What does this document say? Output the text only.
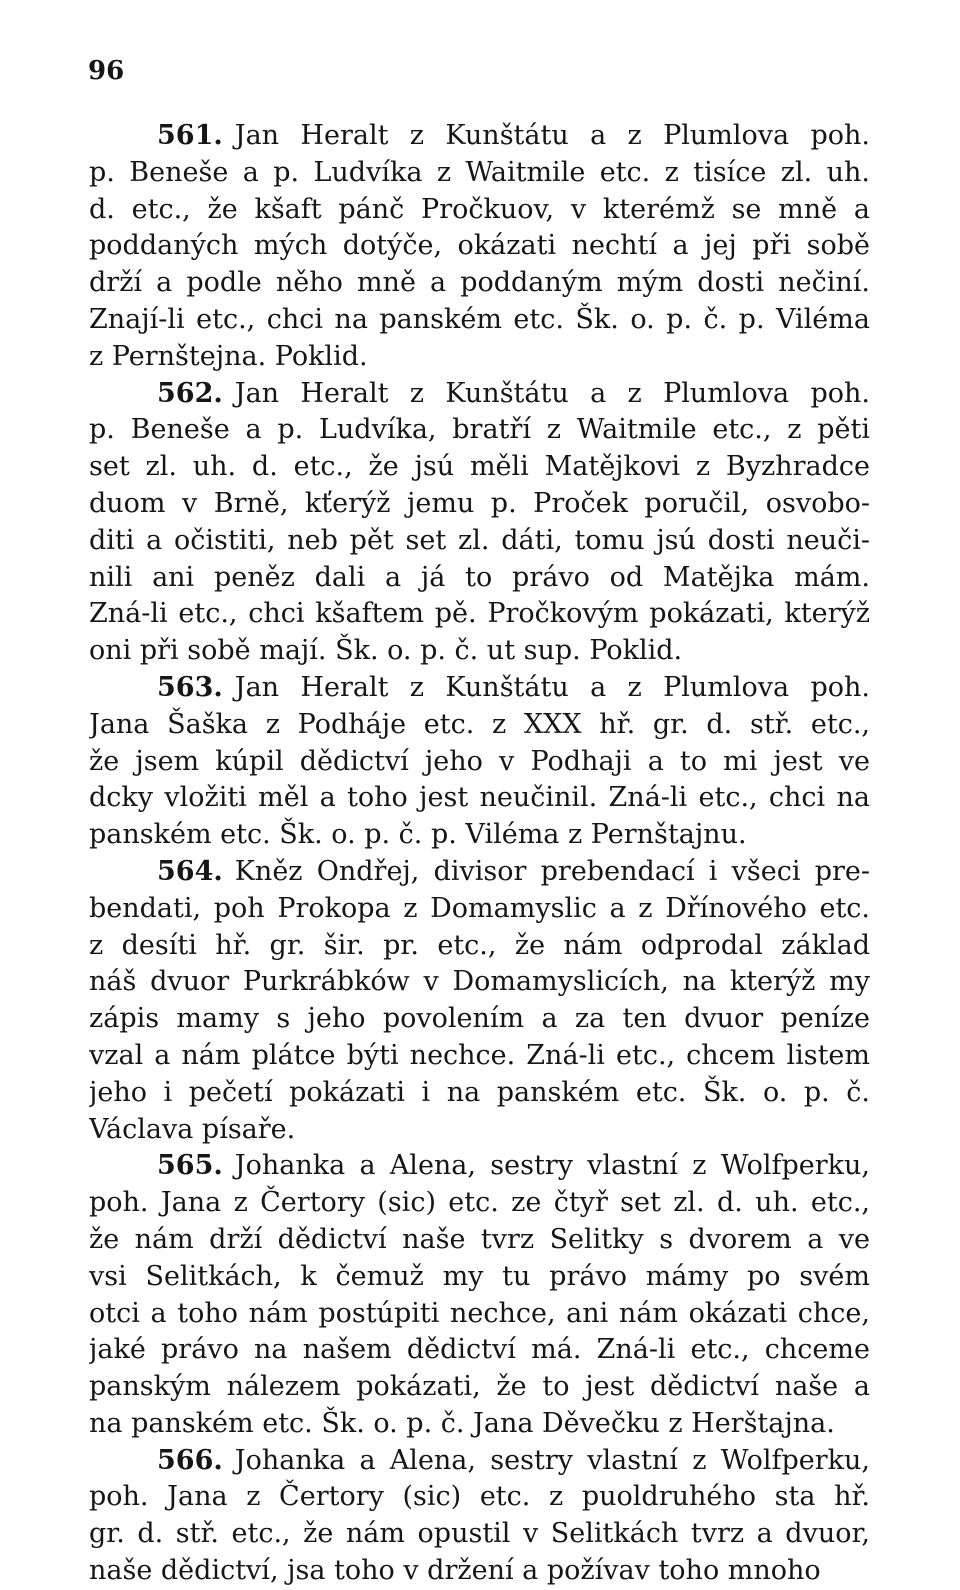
96
561. Jan Heralt z Kunštátu a z Plumlova poh.
p. Beneše a p. Ludvíka z Waitmile etc. z tisíce zl. uh.
d. etc., že kšaft pánč Pročkuov, v kterémž se mně a
poddaných mých dotýče, okázati nechtí a jej při sobě
drží a podle něho mně a poddaným mým dosti nečiní.
Znají-li etc., chci na panském etc. Šk. o. p. č. p. Viléma
z Pernštejna. Poklid.
562. Jan Heralt z Kunštátu a z Plumlova poh.
p. Beneše a p. Ludvíka, bratří z Waitmile etc., z pěti
set zl. uh. d. etc., že jsú měli Matějkovi z Byzhradce
duom v Brně, kťerýž jemu p. Proček poručil, osvobo-
diti a očistiti, neb pět set zl. dáti, tomu jsú dosti neuči-
nili ani peněz dali a já to právo od Matějka mám.
Zná-li etc., chci kšaftem pě. Pročkovým pokázati, kterýž
oni při sobě mají. Šk. o. p. č. ut sup. Poklid.
563. Jan Heralt z Kunštátu a z Plumlova poh.
Jana Šaška z Podháje etc. z XXX hř. gr. d. stř. etc.,
že jsem kúpil dědictví jeho v Podhaji a to mi jest ve
dcky vložiti měl a toho jest neučinil. Zná-li etc., chci na
panském etc. Šk. o. p. č. p. Viléma z Pernštajnu.
564. Kněz Ondřej, divisor prebendací i všeci pre-
bendati, poh Prokopa z Domamyslic a z Dřínového etc.
z desíti hř. gr. šir. pr. etc., že nám odprodal základ
náš dvuor Purkrábków v Domamyslicích, na kterýž my
zápis mamy s jeho povolením a za ten dvuor peníze
vzal a nám plátce býti nechce. Zná-li etc., chcem listem
jeho i pečetí pokázati i na panském etc. Šk. o. p. č.
Václava písaře.
565. Johanka a Alena, sestry vlastní z Wolfperku,
poh. Jana z Čertory (sic) etc. ze čtyř set zl. d. uh. etc.,
že nám drží dědictví naše tvrz Selitky s dvorem a ve
vsi Selitkách, k čemuž my tu právo mámy po svém
otci a toho nám postúpiti nechce, ani nám okázati chce,
jaké právo na našem dědictví má. Zná-li etc., chceme
panským nálezem pokázati, že to jest dědictví naše a
na panském etc. Šk. o. p. č. Jana Děvečku z Herštajna.
566. Johanka a Alena, sestry vlastní z Wolfperku,
poh. Jana z Čertory (sic) etc. z puoldruhého sta hř.
gr. d. stř. etc., že nám opustil v Selitkách tvrz a dvuor,
naše dědictví, jsa toho v držení a požívav toho mnoho
